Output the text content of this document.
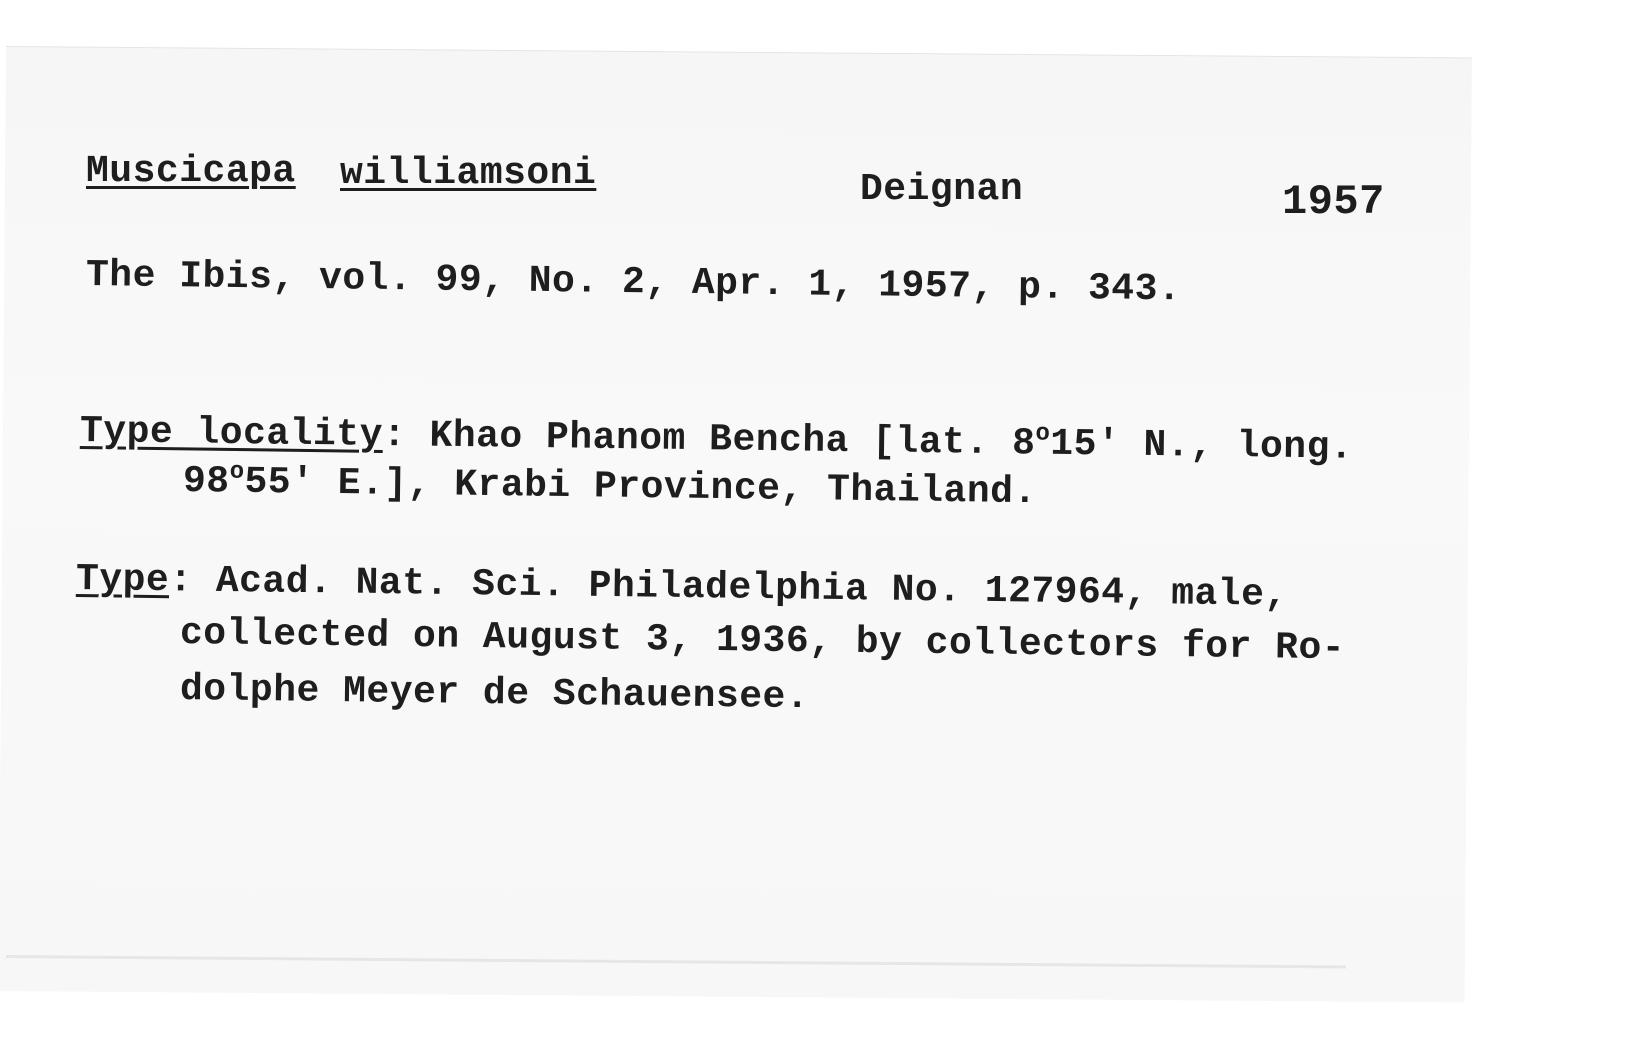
Muscicapa williamsoni	Deignan	1957
The Ibis, vol. 99, No. 2, Apr. 1, 1957, p. 343.
Type locality: Khao Phanom Bencha [lat. 8$^o$15' N., long.
98$^o$55' E.], Krabi Province, Thailand.
Type: Acad. Nat. Sci. Philadelphia No. 127964, male,
collected on August 3, 1936, by collectors for Ro-
dolphe Meyer de Schauensee.
